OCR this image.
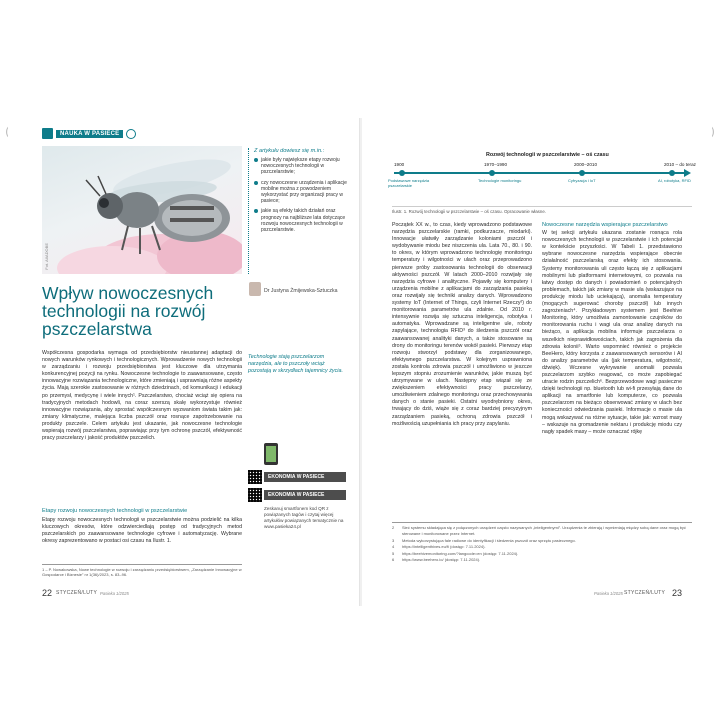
NAUKA W PASIECE
Fot. AI/ADOBE
Z artykułu dowiesz się m.in.:
jakie były największe etapy rozwoju nowoczesnych technologii w pszczelarstwie;
czy nowoczesne urządzenia i aplikacje mobilne można z powodzeniem wykorzystać przy organizacji pracy w pasiece;
jakie są efekty takich działań oraz prognozy na najbliższe lata dotyczące rozwoju nowoczesnych technologii w pszczelarstwie.
Dr Justyna Żmijewska-Sztuczka
Wpływ nowoczesnych technologii na rozwój pszczelarstwa
Technologie stają pszczelarzom narzędzia, ale to pszczoły wciąż pozostają w skrzydłach tajemnicy życia.

Współczesna gospodarka wymaga od przedsiębiorstw nieustannej adaptacji do nowych warunków rynkowych i technologicznych. Wprowadzenie nowych technologii w zarządzaniu i rozwoju przedsiębiorstwa jest kluczowe dla utrzymania konkurencyjnej pozycji na rynku. Nowoczesne technologie to zaawansowane, często innowacyjne rozwiązania technologiczne, które zmieniają i usprawniają różne aspekty życia. Mają szerokie zastosowanie w różnych dziedzinach, od komunikacji i edukacji po przemysł, medycynę i wiele innych¹. Pszczelarstwo, chociaż wciąż się opiera na tradycyjnych metodach hodowli, na coraz szerszą skalę wykorzystuje również innowacyjne rozwiązania, aby sprostać współczesnym wyzwaniom świata takim jak: zmiany klimatyczne, malejąca liczba pszczół oraz rosnące zapotrzebowanie na produkty pszczele. Celem artykułu jest ukazanie, jak nowoczesne technologie wspierają rozwój pszczelarstwa, poprawiając przy tym ochronę pszczół, efektywność pracy pszczelarzy i jakość produktów pszczelich.

Etapy rozwoju nowoczesnych technologii w pszczelarstwie

Etapy rozwoju nowoczesnych technologii w pszczelarstwie można podzielić na kilka kluczowych okresów, które odzwierciedlają postęp od tradycyjnych metod pszczelarskich po zaawansowane technologie cyfrowe i automatyzację. Wybrane okresy zaprezentowano w postaci osi czasu na Ilustr. 1.

1 – P. Nowakowska, Nowe technologie w rozwoju i zarządzaniu przedsiębiorstwem, „Zarządzanie Innowacyjne w Gospodarce i Biznesie” nr 1(36)/2023, s. 83–96.
EKONOMIA W PASIECE
EKONOMIA W PASIECE
Zeskanuj smartfonem kod QR z powiązanych tagów i czytaj więcej artykułów powiązanych tematycznie na www.pasieka24.pl
22 STYCZEŃ/LUTY Pasieka 1/2025
Rozwój technologii w pszczelarstwie – oś czasu
1900
Podstawowe narzędzia pszczelarskie
1970–1990
Technologie monitoringu
2000–2010
Cyfryzacja i IoT
2010 – do teraz
AI, robotyka, RFID
Ilustr. 1. Rozwój technologii w pszczelarstwie – oś czasu. Opracowanie własne.

Początek XX w., to czas, kiedy wprowadzono podstawowe narzędzia pszczelarskie (ramki, podkurzacze, miodarki). Innowacje ułatwiły zarządzanie koloniami pszczół i wydobywanie miodu bez niszczenia ula. Lata 70., 80. i 90. to okres, w którym wprowadzono technologię monitoringu temperatury i wilgotności w ulach oraz przeprowadzono pierwsze próby zastosowania technologii do obserwacji aktywności pszczół. W latach 2000–2010 rozwijały się narzędzia cyfrowe i analityczne. Pojawiły się komputery i urządzenia mobilne z aplikacjami do zarządzania pasieką oraz rozwijały się techniki analizy danych. Wprowadzono systemy IoT (Internet of Things, czyli Internet Rzeczy²) do monitorowania parametrów ula zdalnie. Od 2010 r. intensywnie rozwija się sztuczna inteligencja, robotyka i automatyka. Wprowadzane są inteligentne ule, roboty zapylające, technologia RFID³ do śledzenia pszczół oraz zaawansowanej analityki danych, a także stosowane są drony do monitoringu terenów wokół pasieki. Pierwszy etap rozwoju stworzył podstawy dla zorganizowanego, efektywnego pszczelarstwa. W kolejnym usprawniona została kontrola zdrowia pszczół i umożliwiono w jeszcze lepszym stopniu zrozumienie warunków, jakie muszą być utrzymywane w ulach. Następny etap wiązał się ze zwiększeniem efektywności pracy pszczelarzy, umożliwieniem zdalnego monitoringu oraz przechowywania danych o stanie pasieki. Ostatni wyodrębniony okres, trwający do dziś, wiąże się z coraz bardziej precyzyjnym zarządzaniem pasieką, ochroną zdrowia pszczół i możliwością uzupełniania ich pracy przy zapylaniu.

Nowoczesne narzędzia wspierające pszczelarstwo

W tej sekcji artykułu ukazana zostanie rosnąca rola nowoczesnych technologii w pszczelarstwie i ich potencjał w kontekście przyszłości. W Tabeli 1. przedstawiono wybrane nowoczesne narzędzia wspierające obecnie działalność pszczelarską oraz efekty ich stosowania. Systemy monitorowania uli często łączą się z aplikacjami mobilnymi lub platformami internetowymi, co pozwala na łatwy dostęp do danych i powiadomień o potencjalnych problemach, takich jak zmiany w masie ula (wskazujące na produkcję miodu lub uciekającą), anomalia temperatury (mogących sugerować choroby pszczół) lub innych zagrożeniach⁴. Przykładowym systemem jest Beehive Monitoring, który umożliwia zamontowanie czujników do monitorowania ruchu i wagi ula oraz analizę danych na bieżąco, a aplikacja mobilna informuje pszczelarza o wszelkich nieprawidłowościach, takich jak zagrożenia dla zdrowia kolonii⁵. Warto wspomnieć również o projekcie BeeHero, który korzysta z zaawansowanych sensorów i AI do analizy parametrów ula (jak temperatura, wilgotność, dźwięk). Wczesne wykrywanie anomalii pozwala pszczelarzom szybko reagować, co może zapobiegać utracie rodzin pszczelich⁶. Bezprzewodowe wagi pasieczne dzięki technologii np. bluetooth lub wi-fi przesyłają dane do aplikacji na smartfonie lub komputerze, co pozwala pszczelarzom na bieżąco obserwować zmiany w ulach bez konieczności odwiedzania pasieki. Informacje o masie ula mogą wskazywać na różne sytuacje, takie jak: wzrost masy – wskazuje na gromadzenie nektaru i produkcję miodu czy nagły spadek masy – może oznaczać rójkę

2	Sieć systemu składająca się z połączonych urządzeń często nazywanych „inteligentnymi”. Urządzenia te zbierają i wymieniają między sobą dane oraz mogą być sterowane i monitorowane przez Internet.
3	Metoda wykorzystująca fale radiowe do identyfikacji i śledzenia pszczół oraz sprzętu pasiecznego.
4	https://intelligenthives.eu/fi (dostęp: 7.11.2024).
5	https://beehivemonitoring.com/?langcode=en (dostęp: 7.11.2024).
6	https://www.beehero.io/ (dostęp: 7.11.2024).
Pasieka 1/2025 STYCZEŃ/LUTY 23
